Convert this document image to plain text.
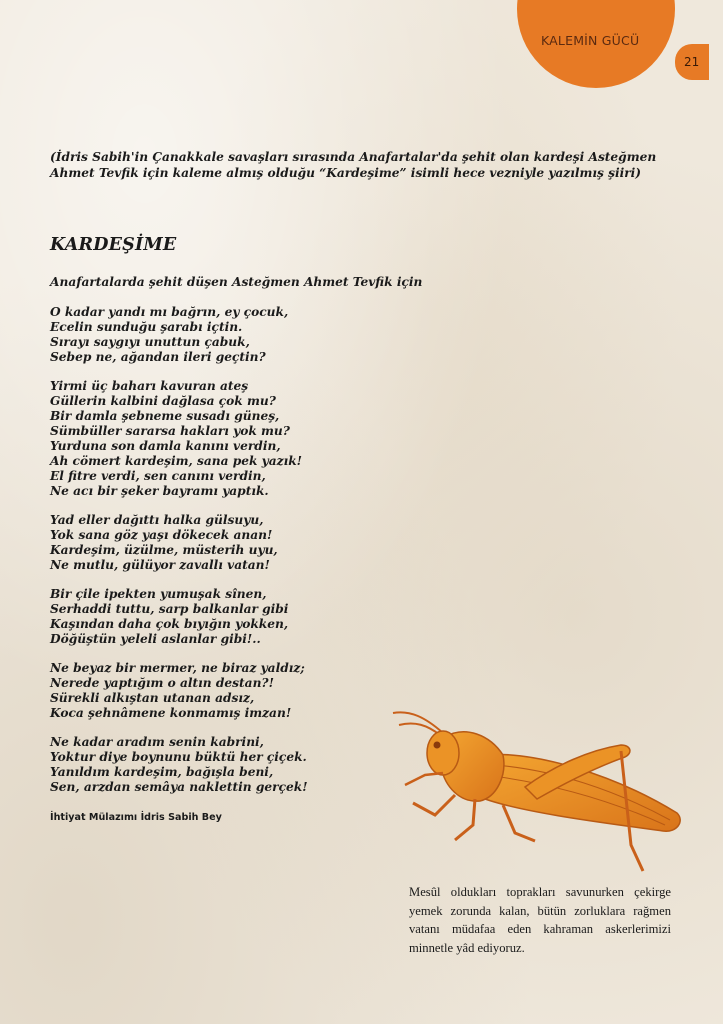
KALEMİN GÜCÜ
21
(İdris Sabih'in Çanakkale savaşları sırasında Anafartalar'da şehit olan kardeşi Asteğmen Ahmet Tevfik için kaleme almış olduğu “Kardeşime” isimli hece vezniyle yazılmış şiiri)
KARDEŞİME
Anafartalarda şehit düşen Asteğmen Ahmet Tevfik için
O kadar yandı mı bağrın, ey çocuk,
Ecelin sunduğu şarabı içtin.
Sırayı saygıyı unuttun çabuk,
Sebep ne, ağandan ileri geçtin?
Yirmi üç baharı kavuran ateş
Güllerin kalbini dağlasa çok mu?
Bir damla şebneme susadı güneş,
Sümbüller sararsa hakları yok mu?
Yurduna son damla kanını verdin,
Ah cömert kardeşim, sana pek yazık!
El fitre verdi, sen canını verdin,
Ne acı bir şeker bayramı yaptık.
Yad eller dağıttı halka gülsuyu,
Yok sana göz yaşı dökecek anan!
Kardeşim, üzülme, müsterih uyu,
Ne mutlu, gülüyor zavallı vatan!
Bir çile ipekten yumuşak sînen,
Serhaddi tuttu, sarp balkanlar gibi
Kaşından daha çok bıyığın yokken,
Döğüştün yeleli aslanlar gibi!..
Ne beyaz bir mermer, ne biraz yaldız;
Nerede yaptığım o altın destan?!
Sürekli alkıştan utanan adsız,
Koca şehnâmene konmamış imzan!
Ne kadar aradım senin kabrini,
Yoktur diye boynunu büktü her çiçek.
Yanıldım kardeşim, bağışla beni,
Sen, arzdan semâya naklettin gerçek!
İhtiyat Mülazımı İdris Sabih Bey
Mesûl oldukları toprakları savunurken çekirge yemek zorunda kalan, bütün zorluklara rağmen vatanı müdafaa eden kahraman askerlerimizi minnetle yâd ediyoruz.
